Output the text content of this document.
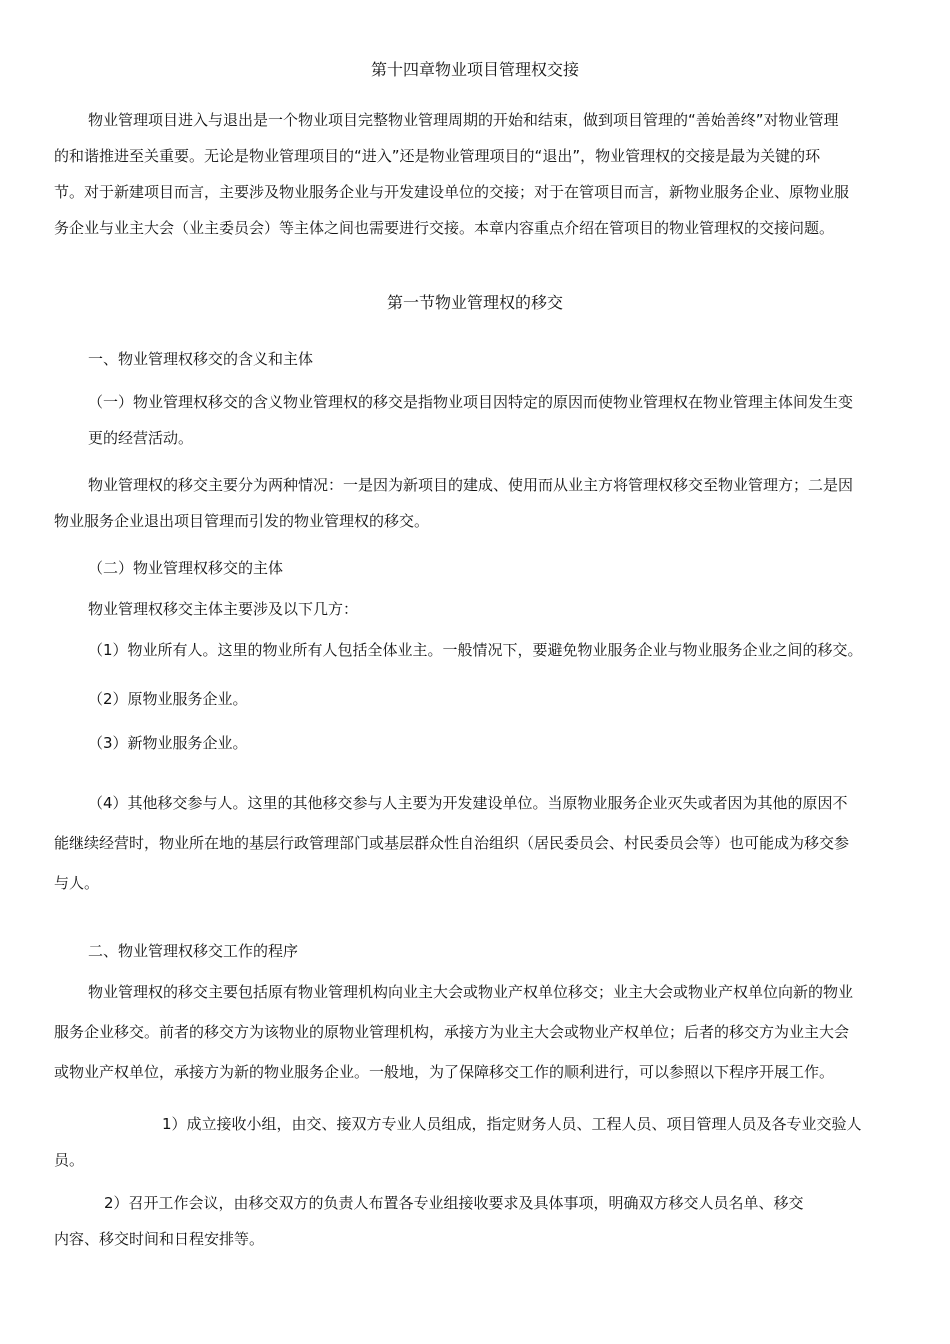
第十四章物业项目管理权交接
物业管理项目进入与退出是一个物业项目完整物业管理周期的开始和结束，做到项目管理的“善始善终”对物业管理
的和谐推进至关重要。无论是物业管理项目的“进入”还是物业管理项目的“退出”，物业管理权的交接是最为关键的环
节。对于新建项目而言，主要涉及物业服务企业与开发建设单位的交接；对于在管项目而言，新物业服务企业、原物业服
务企业与业主大会（业主委员会）等主体之间也需要进行交接。本章内容重点介绍在管项目的物业管理权的交接问题。
第一节物业管理权的移交
一、物业管理权移交的含义和主体
（一）物业管理权移交的含义物业管理权的移交是指物业项目因特定的原因而使物业管理权在物业管理主体间发生变
更的经营活动。
物业管理权的移交主要分为两种情况：一是因为新项目的建成、使用而从业主方将管理权移交至物业管理方；二是因
物业服务企业退出项目管理而引发的物业管理权的移交。
（二）物业管理权移交的主体
物业管理权移交主体主要涉及以下几方：
（1）物业所有人。这里的物业所有人包括全体业主。一般情况下，要避免物业服务企业与物业服务企业之间的移交。
（2）原物业服务企业。
（3）新物业服务企业。
（4）其他移交参与人。这里的其他移交参与人主要为开发建设单位。当原物业服务企业灭失或者因为其他的原因不
能继续经营时，物业所在地的基层行政管理部门或基层群众性自治组织（居民委员会、村民委员会等）也可能成为移交参
与人。
二、物业管理权移交工作的程序
物业管理权的移交主要包括原有物业管理机构向业主大会或物业产权单位移交；业主大会或物业产权单位向新的物业
服务企业移交。前者的移交方为该物业的原物业管理机构，承接方为业主大会或物业产权单位；后者的移交方为业主大会
或物业产权单位，承接方为新的物业服务企业。一般地，为了保障移交工作的顺利进行，可以参照以下程序开展工作。
1）成立接收小组，由交、接双方专业人员组成，指定财务人员、工程人员、项目管理人员及各专业交验人
员。
2）召开工作会议，由移交双方的负责人布置各专业组接收要求及具体事项，明确双方移交人员名单、移交
内容、移交时间和日程安排等。
